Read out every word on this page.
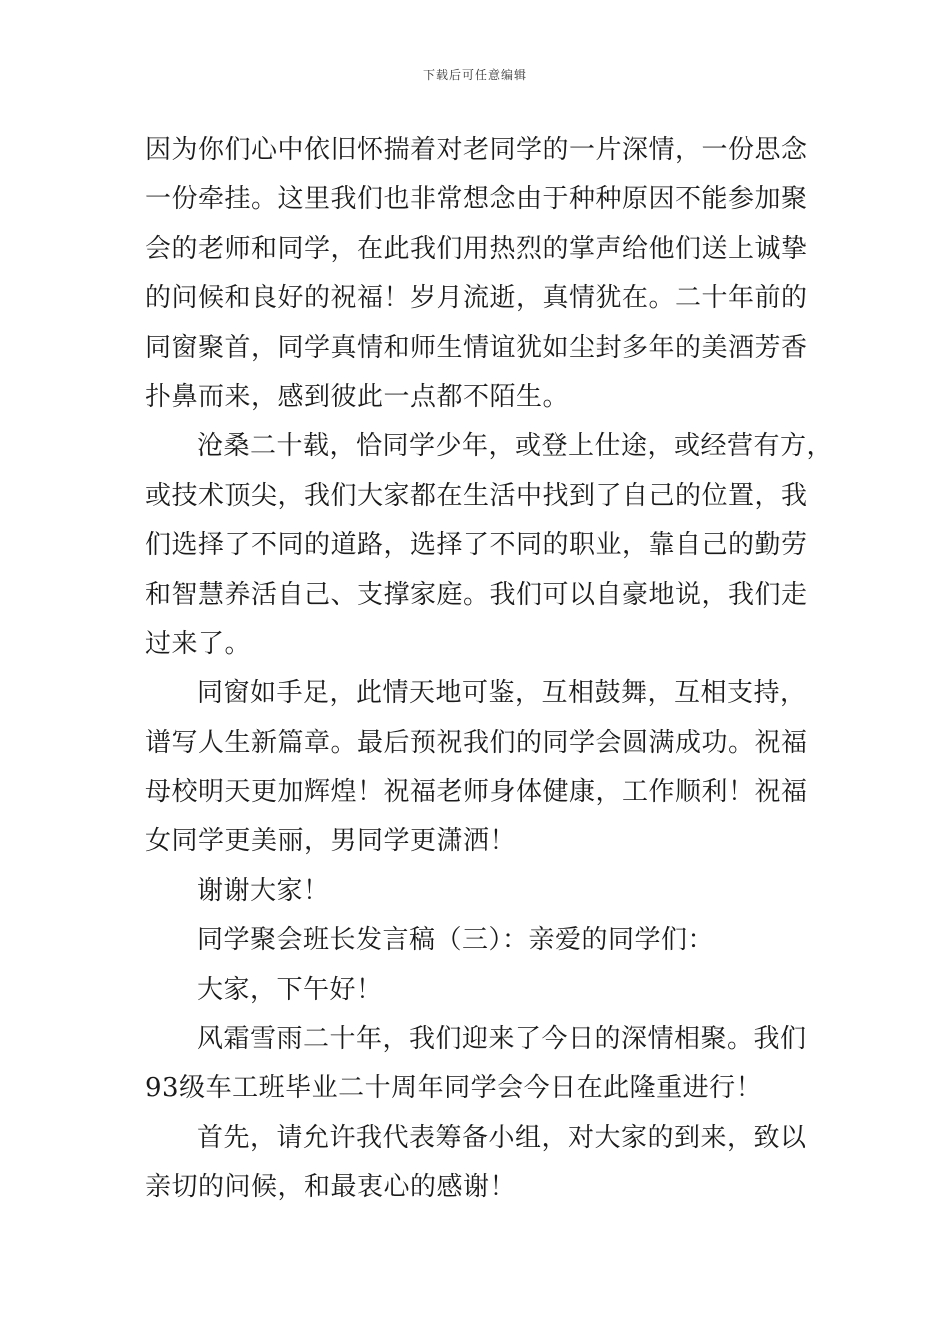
下载后可任意编辑
因为你们心中依旧怀揣着对老同学的一片深情，一份思念
一份牵挂。这里我们也非常想念由于种种原因不能参加聚
会的老师和同学，在此我们用热烈的掌声给他们送上诚挚
的问候和良好的祝福！岁月流逝，真情犹在。二十年前的
同窗聚首，同学真情和师生情谊犹如尘封多年的美酒芳香
扑鼻而来，感到彼此一点都不陌生。
沧桑二十载，恰同学少年，或登上仕途，或经营有方，
或技术顶尖，我们大家都在生活中找到了自己的位置，我
们选择了不同的道路，选择了不同的职业，靠自己的勤劳
和智慧养活自己、支撑家庭。我们可以自豪地说，我们走
过来了。
同窗如手足，此情天地可鉴，互相鼓舞，互相支持，
谱写人生新篇章。最后预祝我们的同学会圆满成功。祝福
母校明天更加辉煌！祝福老师身体健康，工作顺利！祝福
女同学更美丽，男同学更潇洒！
谢谢大家！
同学聚会班长发言稿（三）：亲爱的同学们：
大家，下午好！
风霜雪雨二十年，我们迎来了今日的深情相聚。我们
93级车工班毕业二十周年同学会今日在此隆重进行！
首先，请允许我代表筹备小组，对大家的到来，致以
亲切的问候，和最衷心的感谢！
